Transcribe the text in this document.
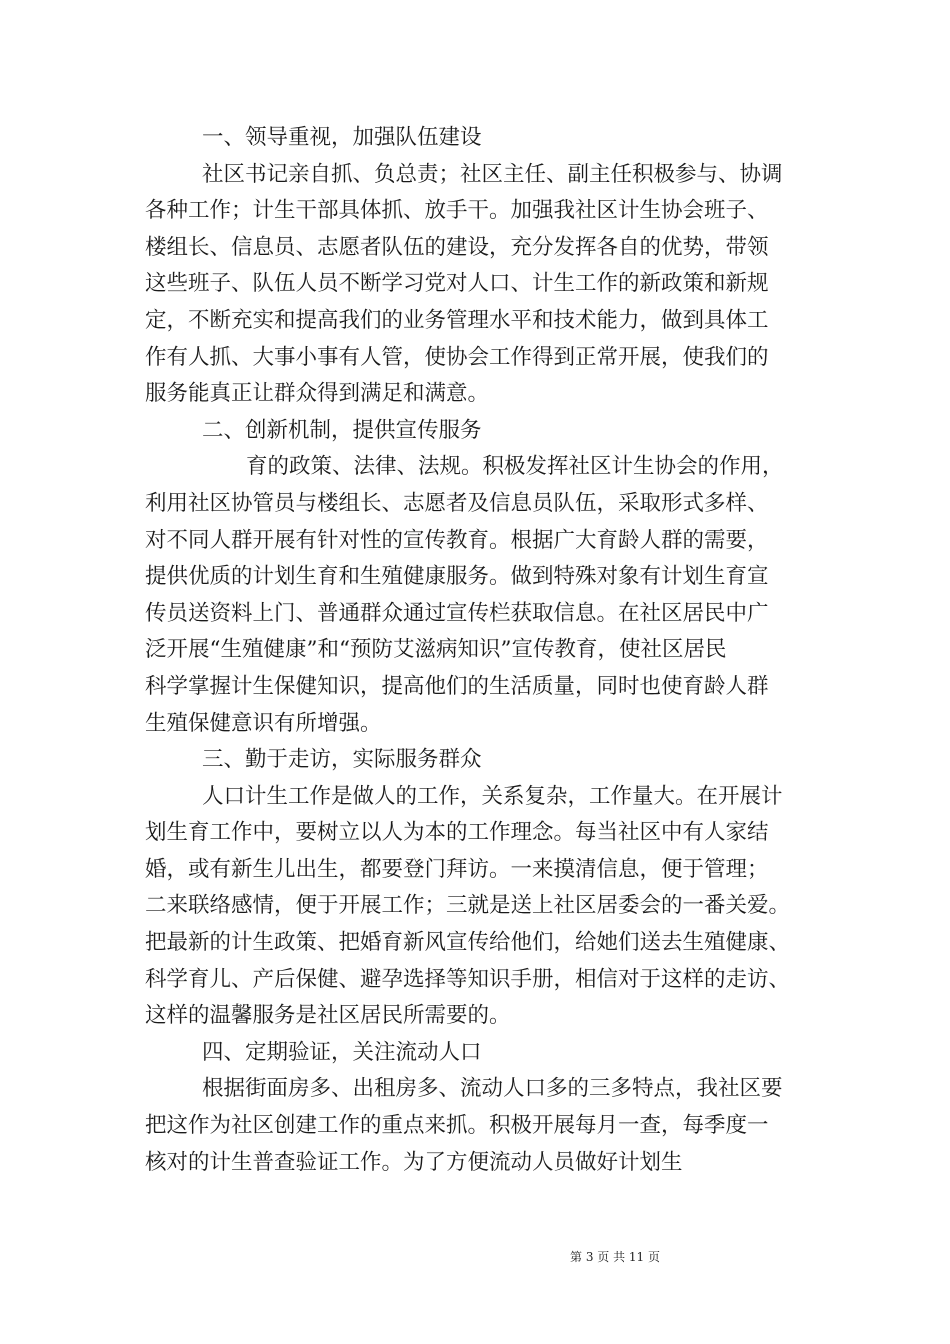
一、领导重视，加强队伍建设
社区书记亲自抓、负总责；社区主任、副主任积极参与、协调
各种工作；计生干部具体抓、放手干。加强我社区计生协会班子、
楼组长、信息员、志愿者队伍的建设，充分发挥各自的优势，带领
这些班子、队伍人员不断学习党对人口、计生工作的新政策和新规
定，不断充实和提高我们的业务管理水平和技术能力，做到具体工
作有人抓、大事小事有人管，使协会工作得到正常开展，使我们的
服务能真正让群众得到满足和满意。
二、创新机制，提供宣传服务
育的政策、法律、法规。积极发挥社区计生协会的作用，
利用社区协管员与楼组长、志愿者及信息员队伍，采取形式多样、
对不同人群开展有针对性的宣传教育。根据广大育龄人群的需要，
提供优质的计划生育和生殖健康服务。做到特殊对象有计划生育宣
传员送资料上门、普通群众通过宣传栏获取信息。在社区居民中广
泛开展“生殖健康”和“预防艾滋病知识”宣传教育，使社区居民
科学掌握计生保健知识，提高他们的生活质量，同时也使育龄人群
生殖保健意识有所增强。
三、勤于走访，实际服务群众
人口计生工作是做人的工作，关系复杂，工作量大。在开展计
划生育工作中，要树立以人为本的工作理念。每当社区中有人家结
婚，或有新生儿出生，都要登门拜访。一来摸清信息，便于管理；
二来联络感情，便于开展工作；三就是送上社区居委会的一番关爱。
把最新的计生政策、把婚育新风宣传给他们，给她们送去生殖健康、
科学育儿、产后保健、避孕选择等知识手册，相信对于这样的走访、
这样的温馨服务是社区居民所需要的。
四、定期验证，关注流动人口
根据街面房多、出租房多、流动人口多的三多特点，我社区要
把这作为社区创建工作的重点来抓。积极开展每月一查，每季度一
核对的计生普查验证工作。为了方便流动人员做好计划生
第 3 页 共 11 页
